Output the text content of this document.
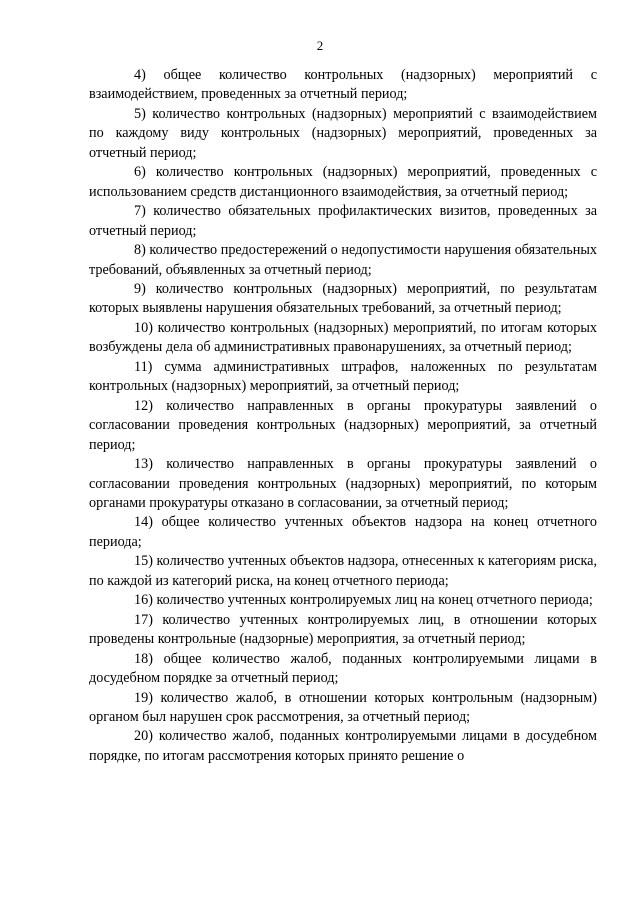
2

4) общее количество контрольных (надзорных) мероприятий с взаимодействием, проведенных за отчетный период;

5) количество контрольных (надзорных) мероприятий с взаимодействием по каждому виду контрольных (надзорных) мероприятий, проведенных за отчетный период;

6) количество контрольных (надзорных) мероприятий, проведенных с использованием средств дистанционного взаимодействия, за отчетный период;

7) количество обязательных профилактических визитов, проведенных за отчетный период;

8) количество предостережений о недопустимости нарушения обязательных требований, объявленных за отчетный период;

9) количество контрольных (надзорных) мероприятий, по результатам которых выявлены нарушения обязательных требований, за отчетный период;

10) количество контрольных (надзорных) мероприятий, по итогам которых возбуждены дела об административных правонарушениях, за отчетный период;

11) сумма административных штрафов, наложенных по результатам контрольных (надзорных) мероприятий, за отчетный период;

12) количество направленных в органы прокуратуры заявлений о согласовании проведения контрольных (надзорных) мероприятий, за отчетный период;

13) количество направленных в органы прокуратуры заявлений о согласовании проведения контрольных (надзорных) мероприятий, по которым органами прокуратуры отказано в согласовании, за отчетный период;

14) общее количество учтенных объектов надзора на конец отчетного периода;

15) количество учтенных объектов надзора, отнесенных к категориям риска, по каждой из категорий риска, на конец отчетного периода;

16) количество учтенных контролируемых лиц на конец отчетного периода;

17) количество учтенных контролируемых лиц, в отношении которых проведены контрольные (надзорные) мероприятия, за отчетный период;

18) общее количество жалоб, поданных контролируемыми лицами в досудебном порядке за отчетный период;

19) количество жалоб, в отношении которых контрольным (надзорным) органом был нарушен срок рассмотрения, за отчетный период;

20) количество жалоб, поданных контролируемыми лицами в досудебном порядке, по итогам рассмотрения которых принято решение о
